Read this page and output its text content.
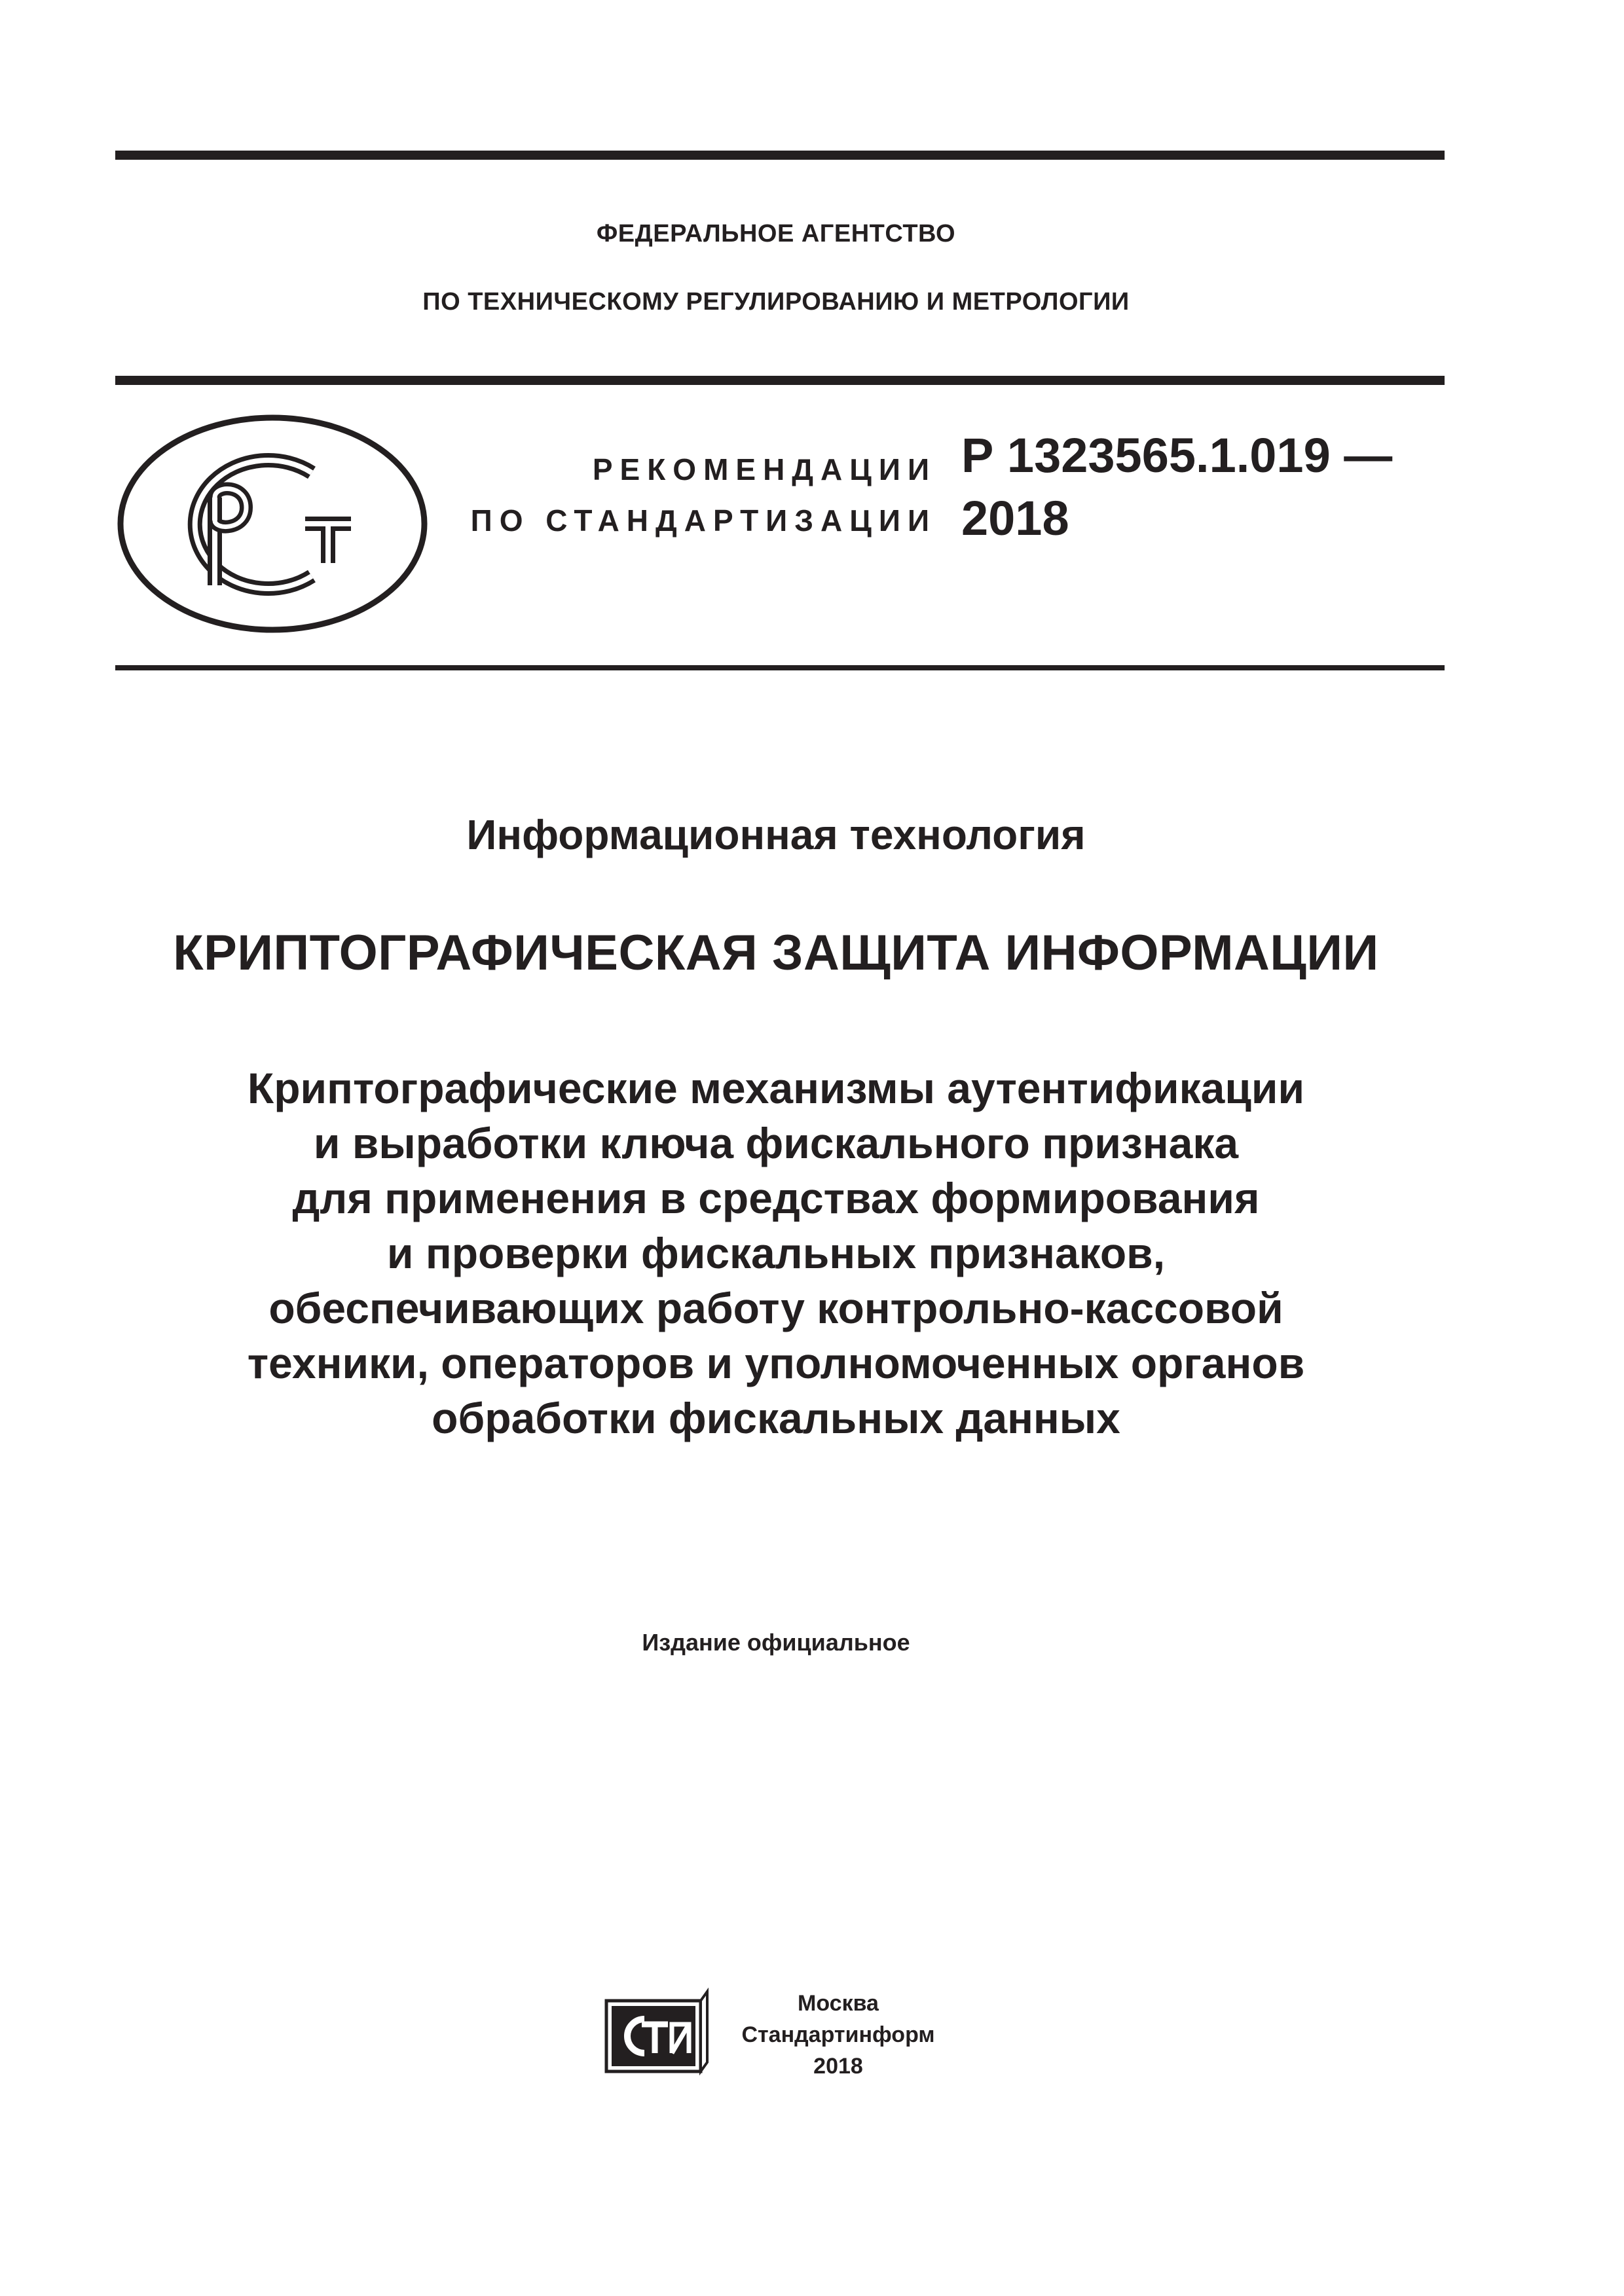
ФЕДЕРАЛЬНОЕ АГЕНТСТВО
ПО ТЕХНИЧЕСКОМУ РЕГУЛИРОВАНИЮ И МЕТРОЛОГИИ
РЕКОМЕНДАЦИИ
ПО СТАНДАРТИЗАЦИИ
Р 1323565.1.019 —
2018
Информационная технология
КРИПТОГРАФИЧЕСКАЯ ЗАЩИТА ИНФОРМАЦИИ
Криптографические механизмы аутентификации
и выработки ключа фискального признака
для применения в средствах формирования
и проверки фискальных признаков,
обеспечивающих работу контрольно-кассовой
техники, операторов и уполномоченных органов
обработки фискальных данных
Издание официальное
Москва
Стандартинформ
2018
